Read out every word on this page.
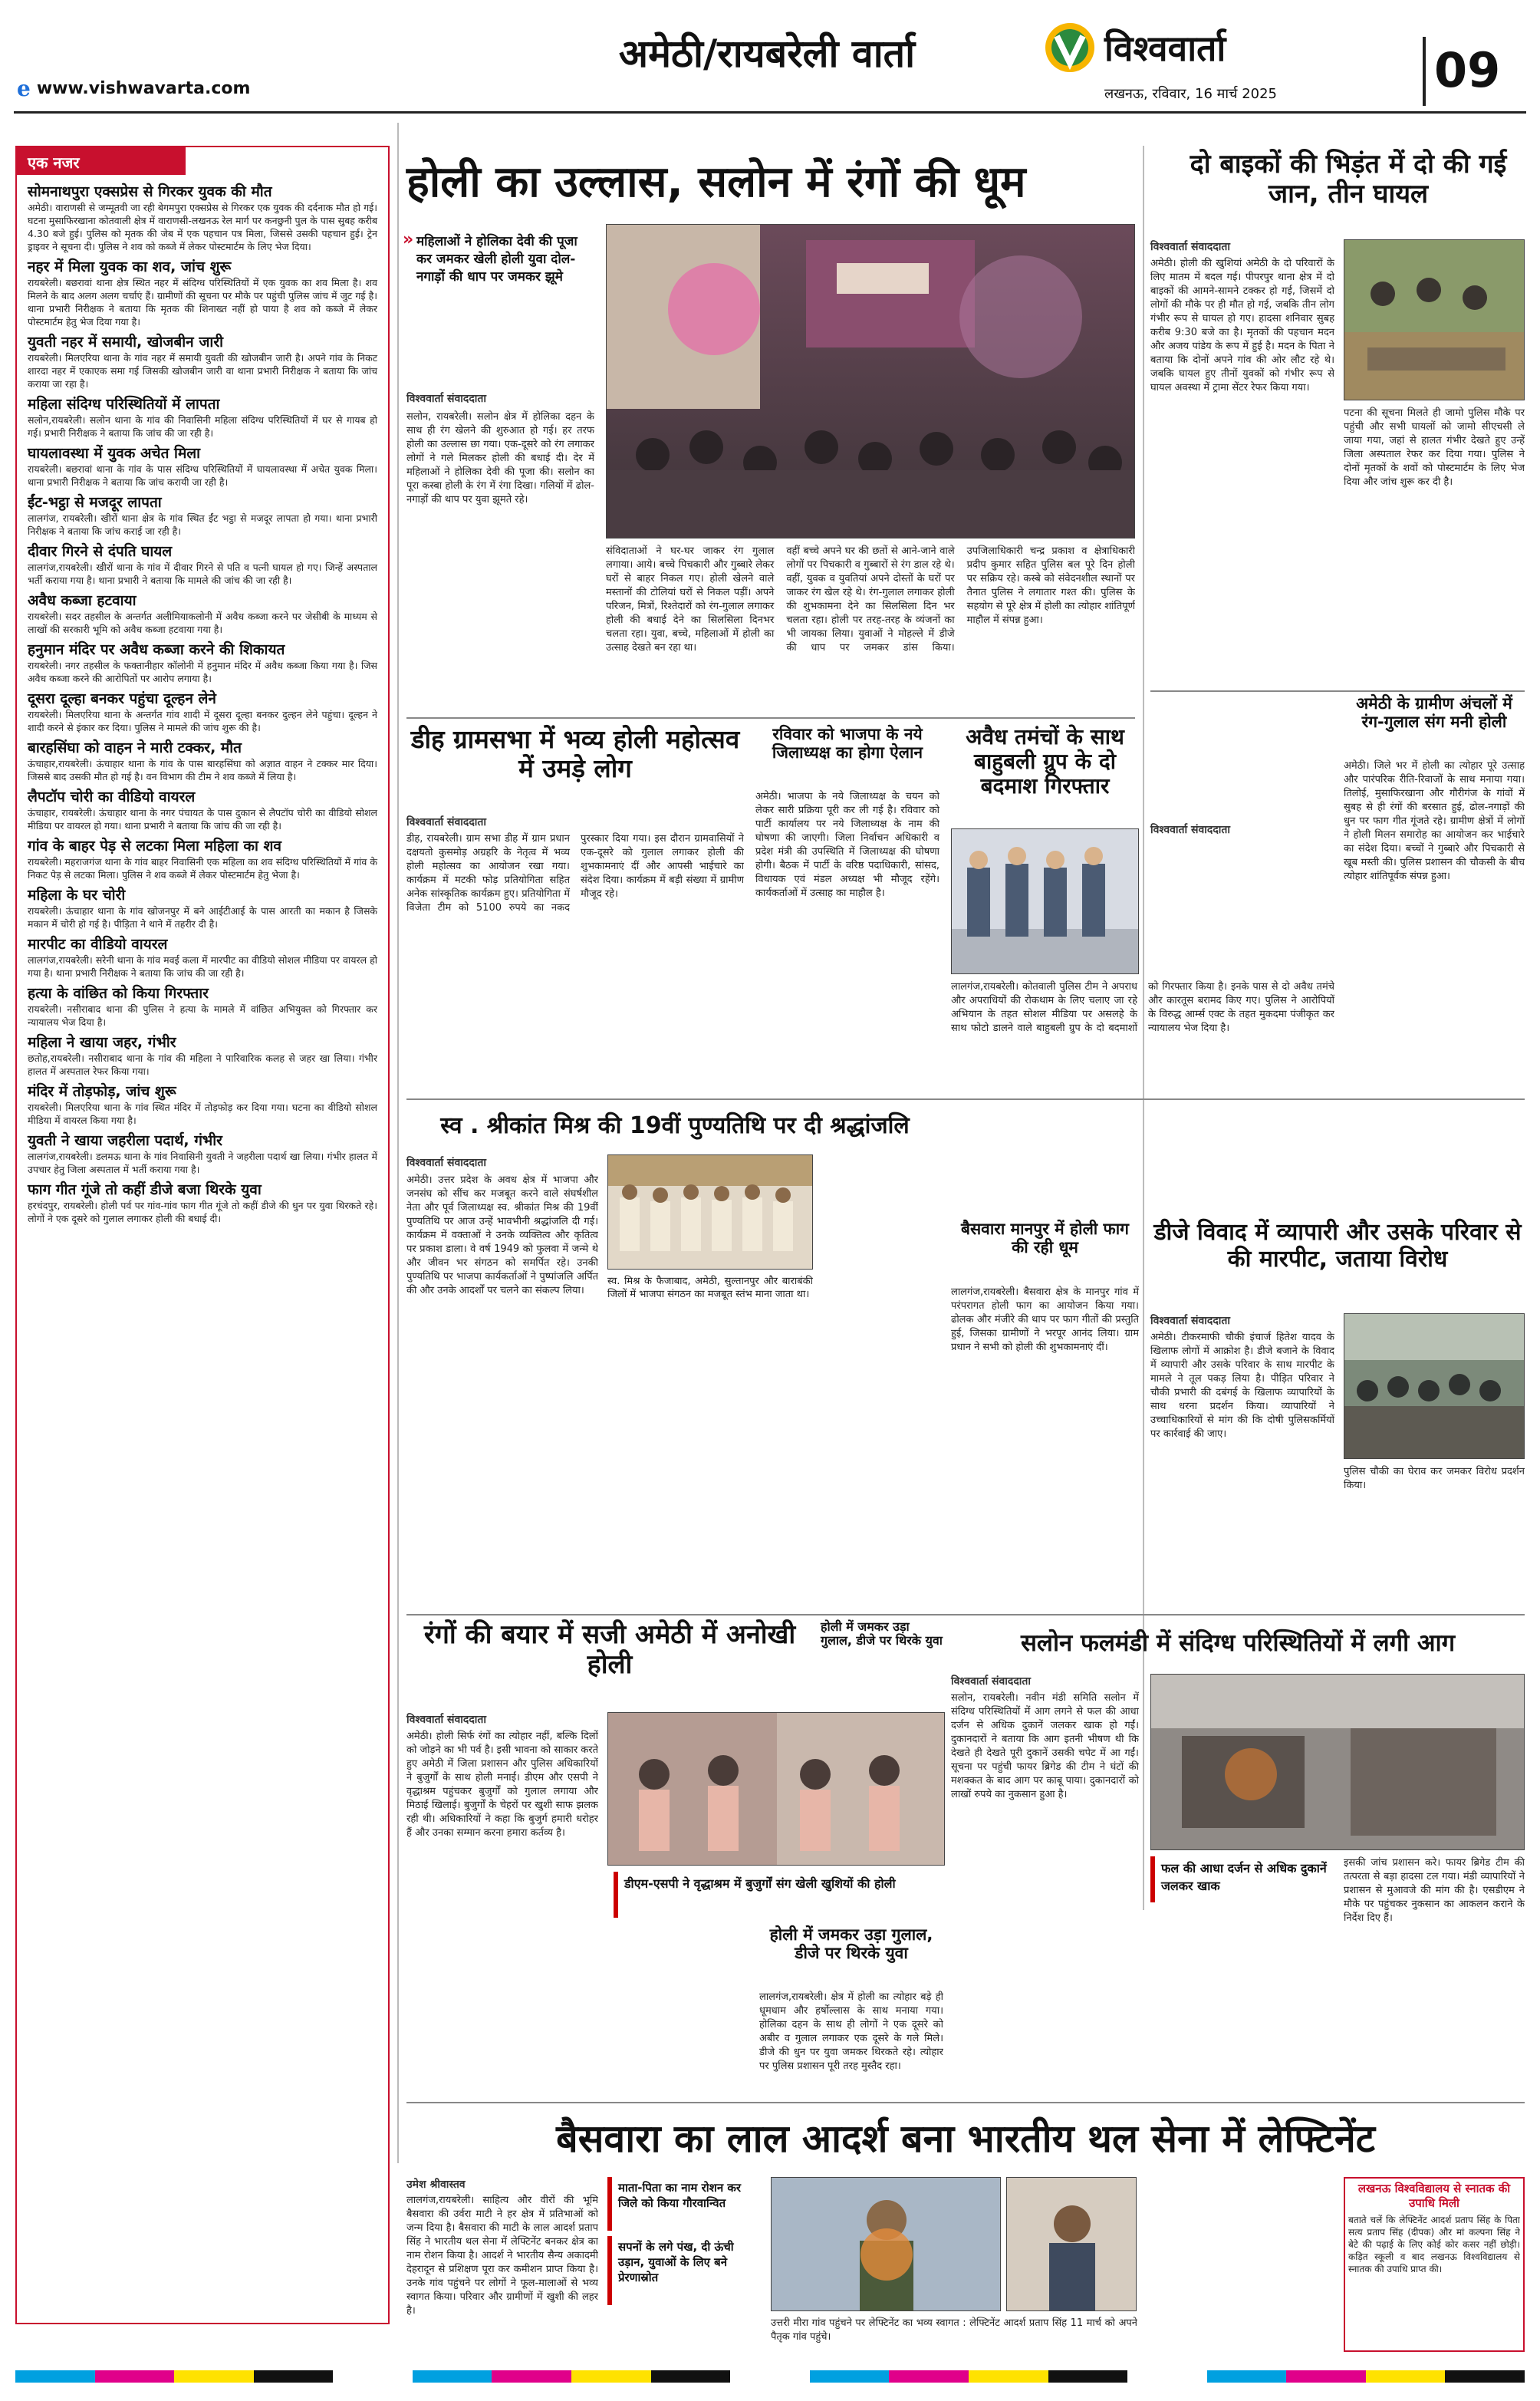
e www.vishwavarta.com
अमेठी/रायबरेली वार्ता	विश्ववार्ता
लखनऊ, रविवार, 16 मार्च 2025	09
एक नजर
सोमनाथपुरा एक्सप्रेस से गिरकर युवक की मौत
अमेठी। वाराणसी से जम्मूतवी जा रही बेगमपुरा एक्सप्रेस से गिरकर एक युवक की दर्दनाक मौत हो गई। घटना मुसाफिरखाना कोतवाली क्षेत्र में वाराणसी-लखनऊ रेल मार्ग पर कनछुनी पुल के पास सुबह करीब 4.30 बजे हुई। पुलिस को मृतक की जेब में एक पहचान पत्र मिला, जिससे उसकी पहचान हुई। ट्रेन ड्राइवर ने सूचना दी। पुलिस ने शव को कब्जे में लेकर पोस्टमार्टम के लिए भेज दिया।
नहर में मिला युवक का शव, जांच शुरू
रायबरेली। बछरावां थाना क्षेत्र स्थित नहर में संदिग्ध परिस्थितियों में एक युवक का शव मिला है। शव मिलने के बाद अलग अलग चर्चाएं हैं। ग्रामीणों की सूचना पर मौके पर पहुंची पुलिस जांच में जुट गई है। थाना प्रभारी निरीक्षक ने बताया कि मृतक की शिनाख्त नहीं हो पाया है शव को कब्जे में लेकर पोस्टमार्टम हेतु भेज दिया गया है।
युवती नहर में समायी, खोजबीन जारी
रायबरेली। मिलएरिया थाना के गांव नहर में समायी युवती की खोजबीन जारी है। अपने गांव के निकट शारदा नहर में एकाएक समा गई जिसकी खोजबीन जारी वा थाना प्रभारी निरीक्षक ने बताया कि जांच कराया जा रहा है।
महिला संदिग्ध परिस्थितियों में लापता
सलोन,रायबरेली। सलोन थाना के गांव की निवासिनी महिला संदिग्ध परिस्थितियों में घर से गायब हो गई। प्रभारी निरीक्षक ने बताया कि जांच की जा रही है।
घायलावस्था में युवक अचेत मिला
रायबरेली। बछरावां थाना के गांव के पास संदिग्ध परिस्थितियों में घायलावस्था में अचेत युवक मिला। थाना प्रभारी निरीक्षक ने बताया कि जांच करायी जा रही है।
ईंट-भट्ठा से मजदूर लापता
लालगंज, रायबरेली। खीरों थाना क्षेत्र के गांव स्थित ईंट भट्ठा से मजदूर लापता हो गया। थाना प्रभारी निरीक्षक ने बताया कि जांच कराई जा रही है।
दीवार गिरने से दंपति घायल
लालगंज,रायबरेली। खीरों थाना के गांव में दीवार गिरने से पति व पत्नी घायल हो गए। जिन्हें अस्पताल भर्ती कराया गया है। थाना प्रभारी ने बताया कि मामले की जांच की जा रही है।
अवैध कब्जा हटवाया
रायबरेली। सदर तहसील के अन्तर्गत अलीमियाकलोनी में अवैध कब्जा करने पर जेसीबी के माध्यम से लाखों की सरकारी भूमि को अवैध कब्जा हटवाया गया है।
हनुमान मंदिर पर अवैध कब्जा करने की शिकायत
रायबरेली। नगर तहसील के फक्तानीहार कॉलोनी में हनुमान मंदिर में अवैध कब्जा किया गया है। जिस अवैध कब्जा करने की आरोपितों पर आरोप लगाया है।
दूसरा दूल्हा बनकर पहुंचा दूल्हन लेने
रायबरेली। मिलएरिया थाना के अन्तर्गत गांव शादी में दूसरा दूल्हा बनकर दुल्हन लेने पहुंचा। दूल्हन ने शादी करने से इंकार कर दिया। पुलिस ने मामले की जांच शुरू की है।
बारहसिंघा को वाहन ने मारी टक्कर, मौत
ऊंचाहार,रायबरेली। ऊंचाहार थाना के गांव के पास बारहसिंघा को अज्ञात वाहन ने टक्कर मार दिया। जिससे बाद उसकी मौत हो गई है। वन विभाग की टीम ने शव कब्जे में लिया है।
लैपटॉप चोरी का वीडियो वायरल
ऊंचाहार, रायबरेली। ऊंचाहार थाना के नगर पंचायत के पास दुकान से लैपटॉप चोरी का वीडियो सोशल मीडिया पर वायरल हो गया। थाना प्रभारी ने बताया कि जांच की जा रही है।
गांव के बाहर पेड़ से लटका मिला महिला का शव
रायबरेली। महराजगंज थाना के गांव बाहर निवासिनी एक महिला का शव संदिग्ध परिस्थितियों में गांव के निकट पेड़ से लटका मिला। पुलिस ने शव कब्जे में लेकर पोस्टमार्टम हेतु भेजा है।
महिला के घर चोरी
रायबरेली। ऊंचाहार थाना के गांव खोजनपुर में बने आईटीआई के पास आरती का मकान है जिसके मकान में चोरी हो गई है। पीड़िता ने थाने में तहरीर दी है।
मारपीट का वीडियो वायरल
लालगंज,रायबरेली। सरेनी थाना के गांव मवई कला में मारपीट का वीडियो सोशल मीडिया पर वायरल हो गया है। थाना प्रभारी निरीक्षक ने बताया कि जांच की जा रही है।
हत्या के वांछित को किया गिरफ्तार
रायबरेली। नसीराबाद थाना की पुलिस ने हत्या के मामले में वांछित अभियुक्त को गिरफ्तार कर न्यायालय भेज दिया है।
महिला ने खाया जहर, गंभीर
छतोह,रायबरेली। नसीराबाद थाना के गांव की महिला ने पारिवारिक कलह से जहर खा लिया। गंभीर हालत में अस्पताल रेफर किया गया।
मंदिर में तोड़फोड़, जांच शुरू
रायबरेली। मिलएरिया थाना के गांव स्थित मंदिर में तोड़फोड़ कर दिया गया। घटना का वीडियो सोशल मीडिया में वायरल किया गया है।
युवती ने खाया जहरीला पदार्थ, गंभीर
लालगंज,रायबरेली। डलमऊ थाना के गांव निवासिनी युवती ने जहरीला पदार्थ खा लिया। गंभीर हालत में उपचार हेतु जिला अस्पताल में भर्ती कराया गया है।
फाग गीत गूंजे तो कहीं डीजे बजा थिरके युवा
हरचंदपुर, रायबरेली। होली पर्व पर गांव-गांव फाग गीत गूंजे तो कहीं डीजे की धुन पर युवा थिरकते रहे। लोगों ने एक दूसरे को गुलाल लगाकर होली की बधाई दी।
होली का उल्लास, सलोन में रंगों की धूम
महिलाओं ने होलिका देवी की पूजा कर जमकर खेली होली युवा दोल-नगाड़ों की धाप पर जमकर झूमे
»
विश्ववार्ता संवाददाता
सलोन, रायबरेली। सलोन क्षेत्र में होलिका दहन के साथ ही रंग खेलने की शुरुआत हो गई। हर तरफ होली का उल्लास छा गया। एक-दूसरे को रंग लगाकर लोगों ने गले मिलकर होली की बधाई दी। देर में महिलाओं ने होलिका देवी की पूजा की। सलोन का पूरा कस्बा होली के रंग में रंगा दिखा। गलियों में ढोल-नगाड़ों की थाप पर युवा झूमते रहे।
संविदाताओं ने घर-घर जाकर रंग गुलाल लगाया। आये। बच्चे पिचकारी और गुब्बारे लेकर घरों से बाहर निकल गए। होली खेलने वाले मस्तानों की टोलियां घरों से निकल पड़ीं। अपने परिजन, मित्रों, रिश्तेदारों को रंग-गुलाल लगाकर होली की बधाई देने का सिलसिला दिनभर चलता रहा। युवा, बच्चे, महिलाओं में होली का उत्साह देखते बन रहा था।
वहीं बच्चे अपने घर की छतों से आने-जाने वाले लोगों पर पिचकारी व गुब्बारों से रंग डाल रहे थे। वहीं, युवक व युवतियां अपने दोस्तों के घरों पर जाकर रंग खेल रहे थे। रंग-गुलाल लगाकर होली की शुभकामना देने का सिलसिला दिन भर चलता रहा। होली पर तरह-तरह के व्यंजनों का भी जायका लिया। युवाओं ने मोहल्ले में डीजे की धाप पर जमकर डांस किया। उपजिलाधिकारी चन्द्र प्रकाश व क्षेत्राधिकारी प्रदीप कुमार सहित पुलिस बल पूरे दिन होली पर सक्रिय रहे। कस्बे को संवेदनशील स्थानों पर तैनात पुलिस ने लगातार गश्त की। पुलिस के सहयोग से पूरे क्षेत्र में होली का त्योहार शांतिपूर्ण माहौल में संपन्न हुआ।
दो बाइकों की भिड़ंत में दो की गई जान, तीन घायल
विश्ववार्ता संवाददाता
अमेठी। होली की खुशियां अमेठी के दो परिवारों के लिए मातम में बदल गई। पीपरपुर थाना क्षेत्र में दो बाइकों की आमने-सामने टक्कर हो गई, जिसमें दो लोगों की मौके पर ही मौत हो गई, जबकि तीन लोग गंभीर रूप से घायल हो गए। हादसा शनिवार सुबह करीब 9:30 बजे का है। मृतकों की पहचान मदन और अजय पांडेय के रूप में हुई है। मदन के पिता ने बताया कि दोनों अपने गांव की ओर लौट रहे थे। जबकि घायल हुए तीनों युवकों को गंभीर रूप से घायल अवस्था में ट्रामा सेंटर रेफर किया गया।
पटना की सूचना मिलते ही जामो पुलिस मौके पर पहुंची और सभी घायलों को जामो सीएचसी ले जाया गया, जहां से हालत गंभीर देखते हुए उन्हें जिला अस्पताल रेफर कर दिया गया। पुलिस ने दोनों मृतकों के शवों को पोस्टमार्टम के लिए भेज दिया और जांच शुरू कर दी है।
डीह ग्रामसभा में भव्य होली महोत्सव में उमड़े लोग
विश्ववार्ता संवाददाता
डीह, रायबरेली। ग्राम सभा डीह में ग्राम प्रधान दक्षयतो कुसमोड़ अग्रहरि के नेतृत्व में भव्य होली महोत्सव का आयोजन रखा गया। कार्यक्रम में मटकी फोड़ प्रतियोगिता सहित अनेक सांस्कृतिक कार्यक्रम हुए। प्रतियोगिता में विजेता टीम को 5100 रुपये का नकद पुरस्कार दिया गया। इस दौरान ग्रामवासियों ने एक-दूसरे को गुलाल लगाकर होली की शुभकामनाएं दीं और आपसी भाईचारे का संदेश दिया। कार्यक्रम में बड़ी संख्या में ग्रामीण मौजूद रहे।
रविवार को भाजपा के नये जिलाध्यक्ष का होगा ऐलान
अमेठी। भाजपा के नये जिलाध्यक्ष के चयन को लेकर सारी प्रक्रिया पूरी कर ली गई है। रविवार को पार्टी कार्यालय पर नये जिलाध्यक्ष के नाम की घोषणा की जाएगी। जिला निर्वाचन अधिकारी व प्रदेश मंत्री की उपस्थिति में जिलाध्यक्ष की घोषणा होगी। बैठक में पार्टी के वरिष्ठ पदाधिकारी, सांसद, विधायक एवं मंडल अध्यक्ष भी मौजूद रहेंगे। कार्यकर्ताओं में उत्साह का माहौल है।
अवैध तमंचों के साथ बाहुबली ग्रुप के दो बदमाश गिरफ्तार
विश्ववार्ता संवाददाता
लालगंज,रायबरेली। कोतवाली पुलिस टीम ने अपराध और अपराधियों की रोकथाम के लिए चलाए जा रहे अभियान के तहत सोशल मीडिया पर असलहे के साथ फोटो डालने वाले बाहुबली ग्रुप के दो बदमाशों को गिरफ्तार किया है। इनके पास से दो अवैध तमंचे और कारतूस बरामद किए गए। पुलिस ने आरोपियों के विरुद्ध आर्म्स एक्ट के तहत मुकदमा पंजीकृत कर न्यायालय भेज दिया है।
अमेठी के ग्रामीण अंचलों में रंग-गुलाल संग मनी होली
अमेठी। जिले भर में होली का त्योहार पूरे उत्साह और पारंपरिक रीति-रिवाजों के साथ मनाया गया। तिलोई, मुसाफिरखाना और गौरीगंज के गांवों में सुबह से ही रंगों की बरसात हुई, ढोल-नगाड़ों की धुन पर फाग गीत गूंजते रहे। ग्रामीण क्षेत्रों में लोगों ने होली मिलन समारोह का आयोजन कर भाईचारे का संदेश दिया। बच्चों ने गुब्बारे और पिचकारी से खूब मस्ती की। पुलिस प्रशासन की चौकसी के बीच त्योहार शांतिपूर्वक संपन्न हुआ।
स्व . श्रीकांत मिश्र की 19वीं पुण्यतिथि पर दी श्रद्धांजलि
विश्ववार्ता संवाददाता
अमेठी। उत्तर प्रदेश के अवध क्षेत्र में भाजपा और जनसंघ को सींच कर मजबूत करने वाले संघर्षशील नेता और पूर्व जिलाध्यक्ष स्व. श्रीकांत मिश्र की 19वीं पुण्यतिथि पर आज उन्हें भावभीनी श्रद्धांजलि दी गई। कार्यक्रम में वक्ताओं ने उनके व्यक्तित्व और कृतित्व पर प्रकाश डाला। वे वर्ष 1949 को फुलवा में जन्मे थे और जीवन भर संगठन को समर्पित रहे। उनकी पुण्यतिथि पर भाजपा कार्यकर्ताओं ने पुष्पांजलि अर्पित की और उनके आदर्शों पर चलने का संकल्प लिया।
स्व. मिश्र के फैजाबाद, अमेठी, सुल्तानपुर और बाराबंकी जिलों में भाजपा संगठन का मजबूत स्तंभ माना जाता था।
बैसवारा मानपुर में होली फाग की रही धूम
लालगंज,रायबरेली। बैसवारा क्षेत्र के मानपुर गांव में परंपरागत होली फाग का आयोजन किया गया। ढोलक और मंजीरे की थाप पर फाग गीतों की प्रस्तुति हुई, जिसका ग्रामीणों ने भरपूर आनंद लिया। ग्राम प्रधान ने सभी को होली की शुभकामनाएं दीं।
डीजे विवाद में व्यापारी और उसके परिवार से की मारपीट, जताया विरोध
विश्ववार्ता संवाददाता
अमेठी। टीकरमाफी चौकी इंचार्ज हितेश यादव के खिलाफ लोगों में आक्रोश है। डीजे बजाने के विवाद में व्यापारी और उसके परिवार के साथ मारपीट के मामले ने तूल पकड़ लिया है। पीड़ित परिवार ने चौकी प्रभारी की दबंगई के खिलाफ व्यापारियों के साथ धरना प्रदर्शन किया। व्यापारियों ने उच्चाधिकारियों से मांग की कि दोषी पुलिसकर्मियों पर कार्रवाई की जाए।
पुलिस चौकी का घेराव कर जमकर विरोध प्रदर्शन किया।
रंगों की बयार में सजी अमेठी में अनोखी होली
विश्ववार्ता संवाददाता
अमेठी। होली सिर्फ रंगों का त्योहार नहीं, बल्कि दिलों को जोड़ने का भी पर्व है। इसी भावना को साकार करते हुए अमेठी में जिला प्रशासन और पुलिस अधिकारियों ने बुजुर्गों के साथ होली मनाई। डीएम और एसपी ने वृद्धाश्रम पहुंचकर बुजुर्गों को गुलाल लगाया और मिठाई खिलाई। बुजुर्गों के चेहरों पर खुशी साफ झलक रही थी। अधिकारियों ने कहा कि बुजुर्ग हमारी धरोहर हैं और उनका सम्मान करना हमारा कर्तव्य है।
डीएम-एसपी ने वृद्धाश्रम में बुजुर्गों संग खेली खुशियों की होली
होली में जमकर उड़ा गुलाल, डीजे पर थिरके युवा	सलोन फलमंडी में संदिग्ध परिस्थितियों में लगी आग
विश्ववार्ता संवाददाता
सलोन, रायबरेली। नवीन मंडी समिति सलोन में संदिग्ध परिस्थितियों में आग लगने से फल की आधा दर्जन से अधिक दुकानें जलकर खाक हो गईं। दुकानदारों ने बताया कि आग इतनी भीषण थी कि देखते ही देखते पूरी दुकानें उसकी चपेट में आ गईं। सूचना पर पहुंची फायर ब्रिगेड की टीम ने घंटों की मशक्कत के बाद आग पर काबू पाया। दुकानदारों को लाखों रुपये का नुकसान हुआ है।
फल की आधा दर्जन से अधिक दुकानें जलकर खाक
इसकी जांच प्रशासन करे। फायर ब्रिगेड टीम की तत्परता से बड़ा हादसा टल गया। मंडी व्यापारियों ने प्रशासन से मुआवजे की मांग की है। एसडीएम ने मौके पर पहुंचकर नुकसान का आकलन कराने के निर्देश दिए हैं।
होली में जमकर उड़ा गुलाल, डीजे पर थिरके युवा
लालगंज,रायबरेली। क्षेत्र में होली का त्योहार बड़े ही धूमधाम और हर्षोल्लास के साथ मनाया गया। होलिका दहन के साथ ही लोगों ने एक दूसरे को अबीर व गुलाल लगाकर एक दूसरे के गले मिले। डीजे की धुन पर युवा जमकर थिरकते रहे। त्योहार पर पुलिस प्रशासन पूरी तरह मुस्तैद रहा।
बैसवारा का लाल आदर्श बना भारतीय थल सेना में लेफ्टिनेंट
उमेश श्रीवास्तव
लालगंज,रायबरेली। साहित्य और वीरों की भूमि बैसवारा की उर्वरा माटी ने हर क्षेत्र में प्रतिभाओं को जन्म दिया है। बैसवारा की माटी के लाल आदर्श प्रताप सिंह ने भारतीय थल सेना में लेफ्टिनेंट बनकर क्षेत्र का नाम रोशन किया है। आदर्श ने भारतीय सैन्य अकादमी देहरादून से प्रशिक्षण पूरा कर कमीशन प्राप्त किया है। उनके गांव पहुंचने पर लोगों ने फूल-मालाओं से भव्य स्वागत किया। परिवार और ग्रामीणों में खुशी की लहर है।
माता-पिता का नाम रोशन कर जिले को किया गौरवान्वित
सपनों के लगे पंख, दी ऊंची उड़ान, युवाओं के लिए बने प्रेरणास्रोत
उत्तरी मीरा गांव पहुंचने पर लेफ्टिनेंट का भव्य स्वागत : लेफ्टिनेंट आदर्श प्रताप सिंह 11 मार्च को अपने पैतृक गांव पहुंचे।
लखनऊ विश्वविद्यालय से स्नातक की उपाधि मिली
बताते चलें कि लेफ्टिनेंट आदर्श प्रताप सिंह के पिता सत्य प्रताप सिंह (दीपक) और मां कल्पना सिंह ने बेटे की पढ़ाई के लिए कोई कोर कसर नहीं छोड़ी। कड़ित स्कूली व बाद लखनऊ विश्वविद्यालय से स्नातक की उपाधि प्राप्त की।
